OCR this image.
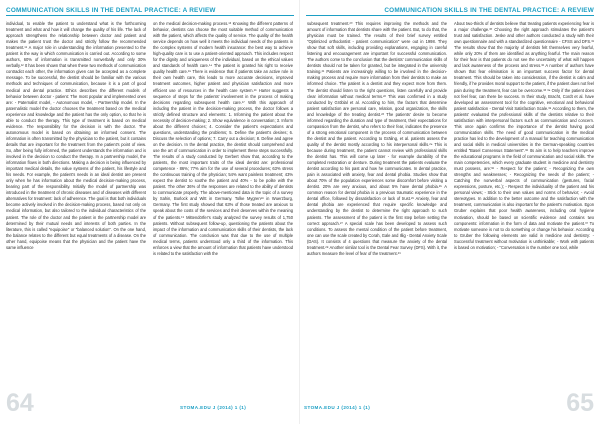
COMMUNICATION SKILLS IN THE DENTAL PRACTICE: A REVIEW

individual, to enable the patient to understand what is the forthcoming treatment and what and how it will change the quality of his life. The lack of approach strengthens the relationship between doctor and patient and makes the patient trust the doctor and strictly follow the recommended treatment.¹¹ A major role in understanding the information presented to the patient is the way in which communication is carried out. According to some authors, 60% of information is transmitted nonverbally and only 30% verbally.¹² It has been shown that when these two methods of communication contradict each other, the information given can be accepted as a complete message. To be successful, the dentist should be familiar with the various methods and techniques of communication, because it is a part of good medical and dental practice. Ethics describes the different models of behavior between doctor - patient: The most popular and implemented ones are: - Paternalist model, - Autonomous model, - Partnership model. In the paternalistic model the doctor chooses the treatment based on the medical experience and knowledge and the patient has the only option, so that he is able to conduct the therapy. This type of treatment is based on medical evidence. The responsibility for the decision is with the doctor. The autonomous model is based on obtaining an informed consent. The information is often transmitted by the physician to the patient, but it contains details that are important for the treatment from the patient's point of view. So, after being fully informed, the patient understands the information and is involved in the decision to conduct the therapy. In a partnership model, the information flows in both directions. Making a decision is being influenced by important medical details, the value systems of the patient, his lifestyle and his needs. For example, the patient's needs in an ideal dentist are present only when he has information about the medical decision-making process, bearing part of the responsibility. Initially the model of partnership was introduced in the treatment of chronic diseases and of diseases with different alternatives for treatment: lack of adherence. The goal is that both individuals become actively involved in the decision-making process, based not only on medical information, but also tailored to the individual characteristics of the patient. The role of the doctor and the patient in the partnership model are determined by their mutual needs and interests of both parties. In the literature, this is called "equipoise" or "balanced solution". On the one hand, the balance relates to the different but equal treatments of a disease. On the other hand, equipoise means that the physician and the patient have the same influence

on the medical decision-making process.¹³ Knowing the different patterns of behavior, dentists can choose the most suitable method of communication with the patient, which affects the quality of service. The quality of the health service depends on how well it meets the individual needs of the patients in the complex systems of modern health insurance: the best way to achieve high-quality care is to use a patient-oriented approach. This includes respect for the dignity and uniqueness of the individual, based on the ethical values and standards of health care.¹⁴ The patient is granted his right to receive quality health care.¹⁵ There is evidence that if patients take an active role in their own health care, this leads to more accurate decisions, improved treatment outcomes, higher patient and physician satisfaction and more efficient use of resources in the health care system.¹⁶ Harter suggests a sequence of steps for the patients' involvement in the process of making decisions regarding subsequent health care.¹⁷ With this approach of including the patient in the decision-making process, the doctor follows a strictly defined structure and elements: 1. Informing the patient about the necessity of decision-making; 2. Show equivalence in conversation; 3. Inform about the different choices; 4. Consider the patient's expectations and questions, understanding the problems; 5. Define the patient's desires; 6. Discuss the selection of options; 7. Carry out a decision; 8. Define and agree on the decision. In the dental practice, the dentist should comprehend and use the art of communication in order to implement these steps successfully. The results of a study conducted by Gerbert show that, according to the patients, the most important traits of the ideal dentist are: professional competence - 86%; 77% aim for the use of several procedures; 63% stress the continuous training of the physician; 54% want painless treatment; 43% expect the dentist to soothe the patient and 40% - to be polite with the patient. The other 36% of the responses are related to the ability of dentists to communicate properly. The above-mentioned data is the topic of a survey by Sahin, Burlock and Witt in Germany. Tolke Mygren¹⁸ in Wuerzburg, Germany. The first study showed that 63% of those treated are anxious to speak about the costs of the services and their deserves within the meaning of the patients.¹⁹ Mittendörfer's study analyzed the survey results of 1,750 patients. Without subsequent follow-up, questioning the patients about the impact of the information and communication skills of their dentists, the lack of communication. The conclusion was that due to the use of multiple medical terms, patients understood only a third of the information. This enforces a view that the amount of information that patients have understood is related to the satisfaction with the

64	STOMA.EDU J (2014) 1 (1)
COMMUNICATION SKILLS IN THE DENTAL PRACTICE: A REVIEW

subsequent treatment.²⁰ This requires improving the methods and the amount of information that dentists share with the patient. But, to do that, the physician must be trained. The results of their brief survey entitled "Optimized orthodontist - patient communication" were out in 1998. They show that soft skills, including providing explanations, engaging in careful listening and encouragement are important for successful communication. The authors come to the conclusion that the dentists' communication skills of dentists should not be taken for granted, but be integrated in the university training.²¹ Patients are increasingly willing to be involved in the decision-making process and require more information from their dentists to make an informed choice. The patient is a dentist and they expect more from them. The dentist should listen to the right questions, listen carefully and provide clear information without medical terms.²² This was confirmed in a study conducted by Gröblal et al. According to him, the factors that determine patient satisfaction are personal care, relation, good organization, the skills and knowledge of the treating dentist.²³ The patients' desire to become informed regarding the duration and type of treatment, their expectations for compassion from the dentist, who refers to their fear, indicates the presence of a strong emotional component in the process of communication between the dentist and the patient. According to Gräling, et al. patients assess the quality of the dentist mostly according to his interpersonal skills.²⁴ This is because during treatment, the patient cannot review with professional skills the dentist has. This will come up later - for example durability of the completed restoration or denture. During treatment the patients evaluate the dentist according to his past and how he communicates. In dental practice, pain is associated with anxiety, fear and dental phobia. Studies show that about 70% of the population experiences some discomfort before visiting a dentist. 20% are very anxious, and about 5% have dental phobia.²⁵ A common reason for dental phobia is a previous traumatic experience in the dental office, followed by dissatisfaction or lack of trust.²⁶ Anxiety, fear and dental phobia are experienced that require specific knowledge and understanding by the dentist to determine the right approach to such patients. The assessment of the patient is the first step before setting the correct approach.²⁷ A special scale has been developed to assess such conditions. To assess the mental condition of the patient before treatment, one can use the scale created by Corah, Gale and Illig - Dental Anxiety Scale (DAS). It consists of 4 questions that measure the anxiety of the dental treatment.²⁸ Another similar tool is the Dental Fear Survey (DFS). With it, the authors measure the level of fear of the treatment.²⁹

About two-thirds of dentists believe that treating patients experiencing fear is a major challenge.³⁰ Choosing the right approach stimulates the patient's trust and satisfaction. Jeske and other authors conducted a study with their own questionnaire and with a standardized questionnaire - CFSS and DFS.³¹ The results show that the majority of dentists felt themselves very fearful, while only 20% of them are identified as anything fearful. The main reason for their fear is that patients do not see the uncertainty of what will happen and lack awareness of the process and stress.³² A number of authors have shown that fear elimination is an important success factor for dental treatment. This should be taken into consideration, if the dentist is calm and friendly, if he provides moral support to the patient, if the patient does not feel pain during the treatment, fear can be overcome.³³ ³⁴ Only if the patient does not feel fear, can there be success. In their study, Bracht, Cordt et al. have developed an assessment tool for the cognitive, emotional and behavioral patient satisfaction - Dental Visit Satisfaction Scale.³⁵ According to them, the patients' evaluated the professional skills of the dentists relative to their satisfaction with interpersonal factors such as communication and concern. This once again confirms the importance of the dentist having good communication skills. The need of good communication in the medical practice has led to the development of a manual for teaching communication and social skills in medical universities in the German-speaking countries entitled "Basel Consensus Statement".³⁶ Its aim is to help teachers improve the educational programs in the field of communication and social skills. The main competencies, which every graduate student in medicine and dentistry must possess, are:³⁶ - Respect for the patient; - Recognizing the own strengths and weaknesses; - Recognizing the needs of the patient; - Catching the nonverbal aspects of communication (gestures, facial expressions, posture, etc.); - Respect the individuality of the patient and his personal views; - Stick to their own values and norms of behavior; - Avoid stereotypes. In addition to the better outcome and the satisfaction with the treatment, communication is also important for the patient's motivation. Egon Gruber explains that poor health awareness, including oral hygiene motivation, should be based on scientific evidence and contains two components: information in the form of data and motivate the patient.³⁷ To motivate someone is not to do something or change his behavior. According to Gruber the following elements are valid in medicine and dentistry: - Successful treatment without motivation is unthinkable; - Work with patients is based on motivation; - "Conversation is the number one tool, while

65
STOMA.EDU J (2014) 1 (1)
